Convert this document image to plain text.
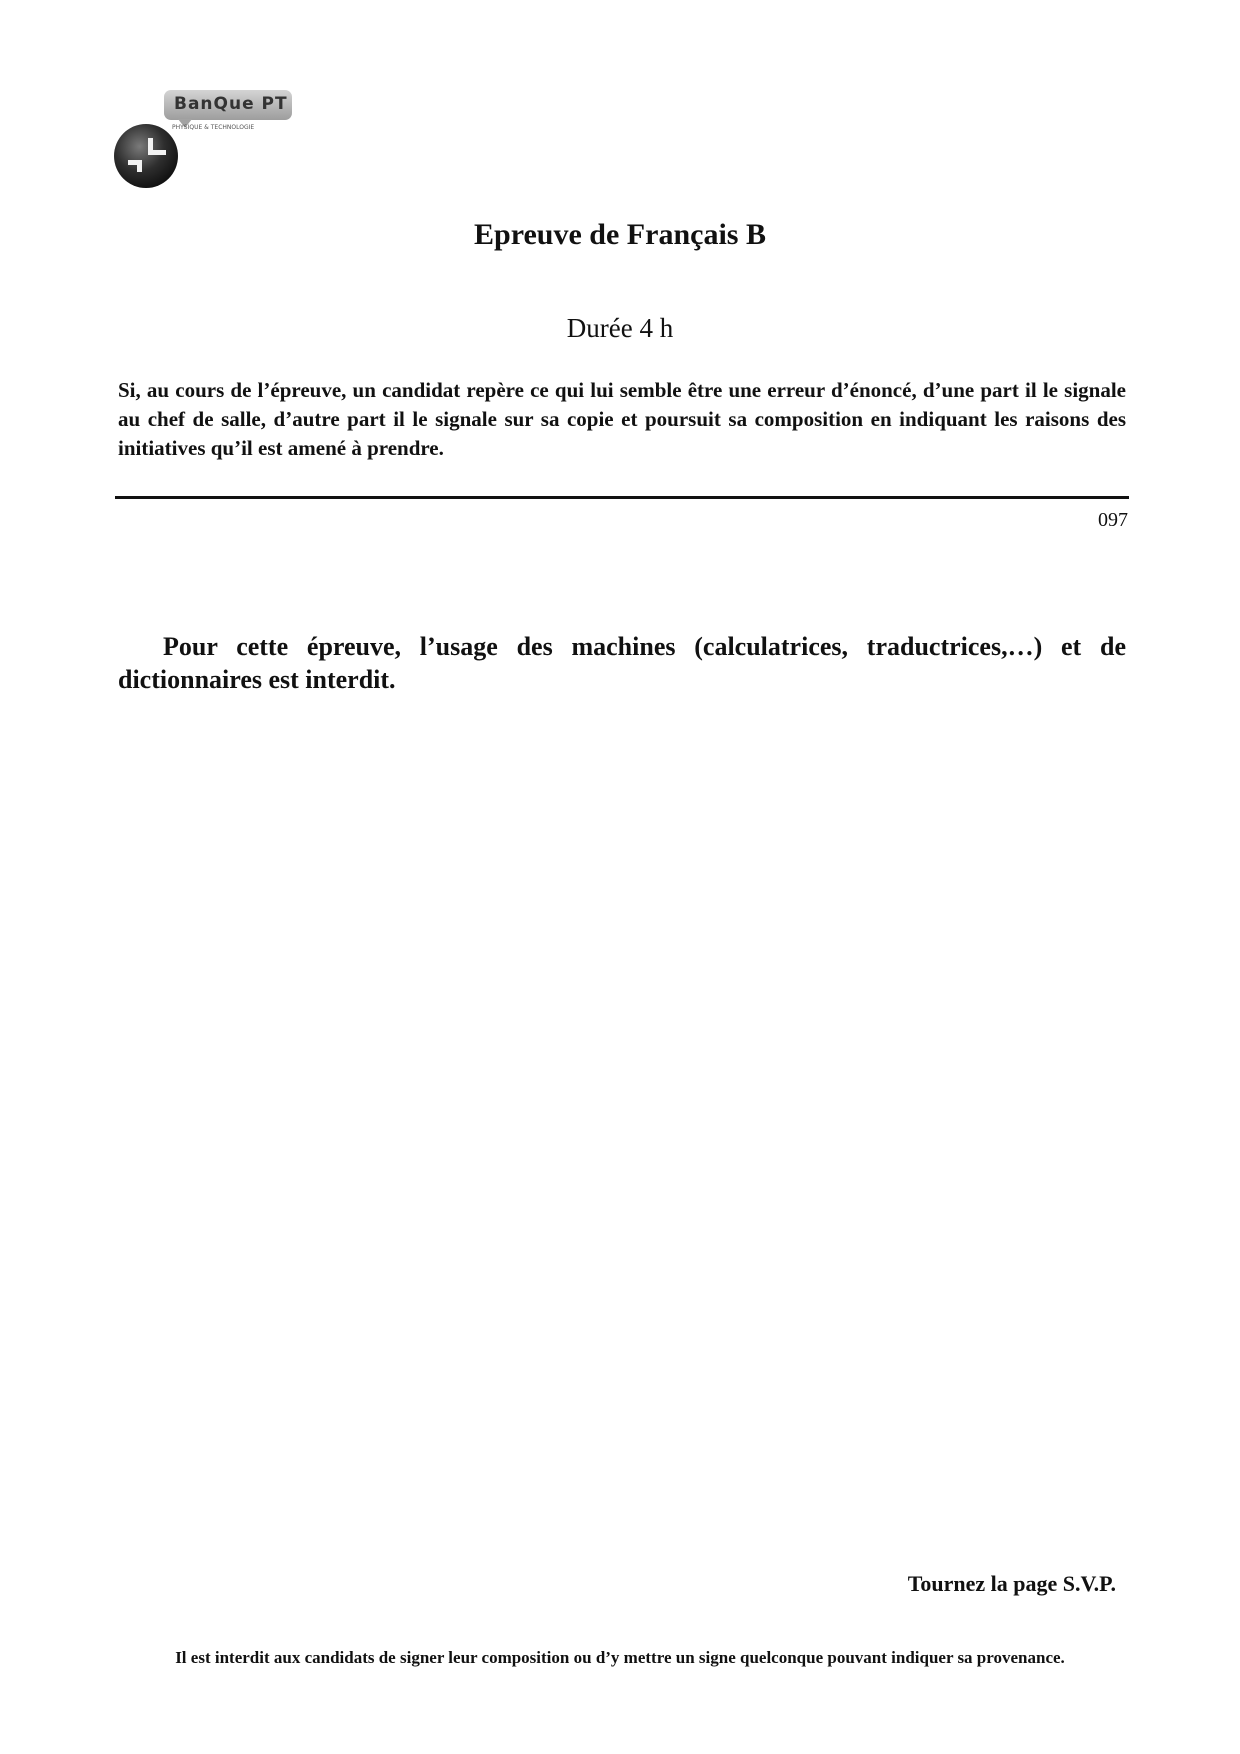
BanQue PT
PHYSIQUE & TECHNOLOGIE
Epreuve de Français B
Durée 4 h
Si, au cours de l’épreuve, un candidat repère ce qui lui semble être une erreur d’énoncé, d’une part il le signale au chef de salle, d’autre part il le signale sur sa copie et poursuit sa composition en indiquant les raisons des initiatives qu’il est amené à prendre.
097
Pour cette épreuve, l’usage des machines (calculatrices, traductrices,…) et de dictionnaires est interdit.
Tournez la page S.V.P.
Il est interdit aux candidats de signer leur composition ou d’y mettre un signe quelconque pouvant indiquer sa provenance.
